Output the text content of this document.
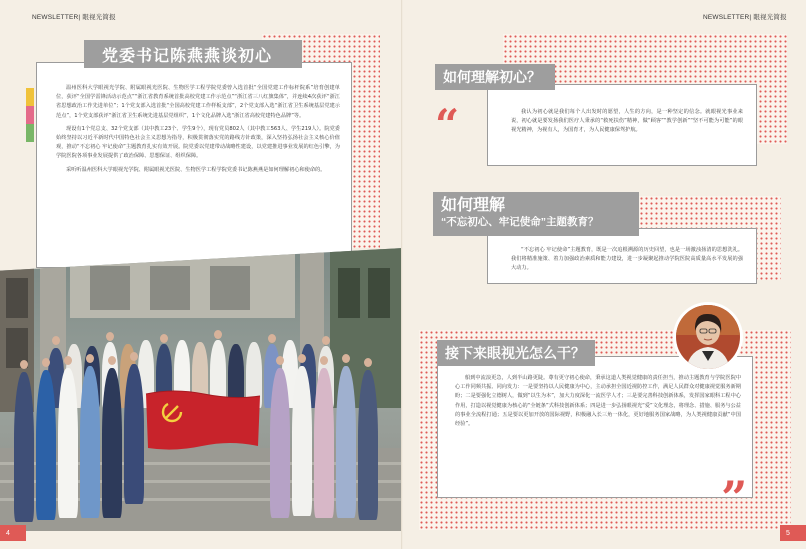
NEWSLETTER| 眼视光简报
党委书记陈燕燕谈初心

温州医科大学眼视光学院、附属眼视光医院、生物医学工程学院党委曾入选首批“全国党建工作标杆院系”培育创建单位，获评“全国学雷锋活动示范点”“浙江省教育系统首批高校党建工作示范点”“浙江省三八红旗集体”，并连续4次获评“浙江省思想政治工作先进单位”；1个党支部入选首批“全国高校党建工作样板支部”，2个党支部入选“浙江省卫生系统基层党建示范点”，1个党支部获评“浙江省卫生系统先进基层党组织”，1个文化品牌入选“浙江省高校党建特色品牌”等。

现设有1个党总支、32个党支部（其中教工23个、学生9个），现有党员802人（其中教工563人、学生219人）。院党委始终坚持以习近平新时代中国特色社会主义思想为指导，积极贯彻落实党的路线方针政策，深入坚持弘扬社会主义核心价值观，推动“不忘初心 牢记使命”主题教育扎实有效开展。院党委以党建带动战略性建设，以党建推进事业发展的红色引擎，为学院医院各项事业发展提供了政治保障、思想保证、组织保障。

采听听温州医科大学眼视光学院、附属眼视光医院、生物医学工程学院党委书记陈燕燕是如何理解初心和使命的。

4
NEWSLETTER| 眼视光简报
如何理解初心？
“	我认为初心就是我们每个人出发时的愿望，人生的方向，是一种坚定的信念。就眼视光事业来说，初心就是要发扬我们医疗人秉承的“救死扶伤”精神，做“顾客”“教学创新”“坚不可能为可能”的眼视光精神，为视有人，为国育才，为人民健康保驾护航。

如何理解
“不忘初心、牢记使命”主题教育？

“不忘初心 牢记使命”主题教育，既是一次追根溯源的历史回望，也是一场激浊扬清的思想洗礼。我们将精准施策、着力加强政治素质和能力建设，进一步凝聚起推动学院医院高质量高水平发展的强大动力。

接下来眼视光怎么干？

船到中流浪更急，人到半山路更陡。尊有更守初心使命，秉承这道人类视觉健康的责任担当，推动主题教育与学院医院中心工作同频共振、同向发力：一是要坚持以人民健康为中心，主动承担全国近视防控工作，满足人民群众对健康视觉服务新期盼；二是要强化立德树人，做到“以生为本”，加大力度深化一流医学人才；三是要完善科技创新体系，发挥国家眼科工程中心作用，打造以视觉健康为核心的“全链条”式科技创新体系；四是进一步弘扬眼视光“爱”文化理念，将理念、措施、服务与公益的事业全流程打通；五是要以更加开放的国际视野，积极融入长三角一体化，更好地服务国家战略，为人类视健康贡献“中国经验”。

”
5
